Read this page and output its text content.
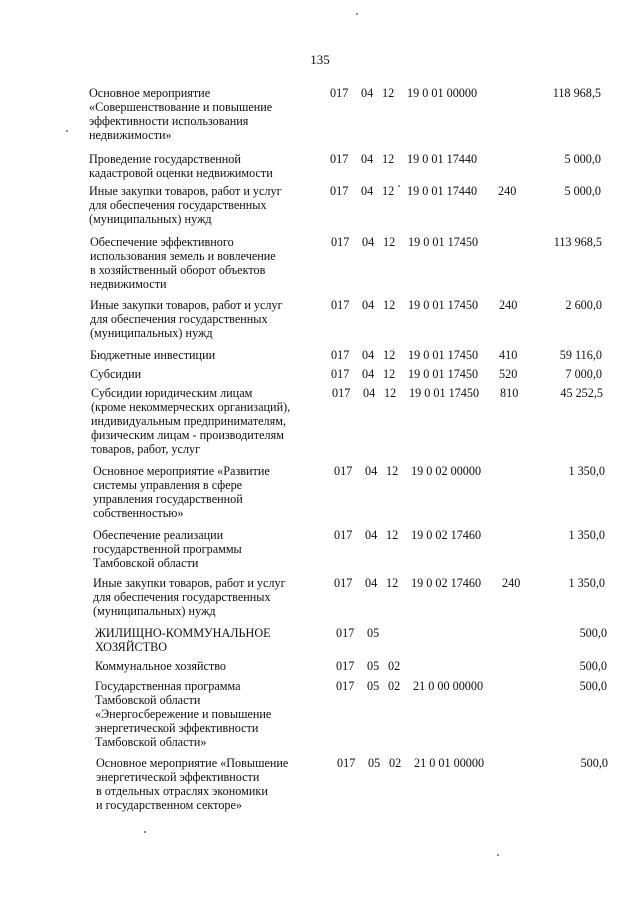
135
Основное мероприятие
«Совершенствование и повышение
эффективности использования
недвижимости»
017 04 12 19 0 01 00000	118 968,5
Проведение государственной
кадастровой оценки недвижимости
017 04 12 19 0 01 17440	5 000,0
Иные закупки товаров, работ и услуг
для обеспечения государственных
(муниципальных) нужд
017 04 12 19 0 01 17440 240	5 000,0
Обеспечение эффективного
использования земель и вовлечение
в хозяйственный оборот объектов
недвижимости
017 04 12 19 0 01 17450	113 968,5
Иные закупки товаров, работ и услуг
для обеспечения государственных
(муниципальных) нужд
017 04 12 19 0 01 17450 240	2 600,0
Бюджетные инвестиции	017 04 12 19 0 01 17450 410	59 116,0
Субсидии	017 04 12 19 0 01 17450 520	7 000,0
Субсидии юридическим лицам
(кроме некоммерческих организаций),
индивидуальным предпринимателям,
физическим лицам - производителям
товаров, работ, услуг
017 04 12 19 0 01 17450 810	45 252,5
Основное мероприятие «Развитие
системы управления в сфере
управления государственной
собственностью»
017 04 12 19 0 02 00000	1 350,0
Обеспечение реализации
государственной программы
Тамбовской области
017 04 12 19 0 02 17460	1 350,0
Иные закупки товаров, работ и услуг
для обеспечения государственных
(муниципальных) нужд
017 04 12 19 0 02 17460 240	1 350,0
ЖИЛИЩНО-КОММУНАЛЬНОЕ
ХОЗЯЙСТВО
017 05	500,0
Коммунальное хозяйство	017 05 02	500,0
Государственная программа
Тамбовской области
«Энергосбережение и повышение
энергетической эффективности
Тамбовской области»
017 05 02 21 0 00 00000	500,0
Основное мероприятие «Повышение
энергетической эффективности
в отдельных отраслях экономики
и государственном секторе»
017 05 02 21 0 01 00000	500,0
